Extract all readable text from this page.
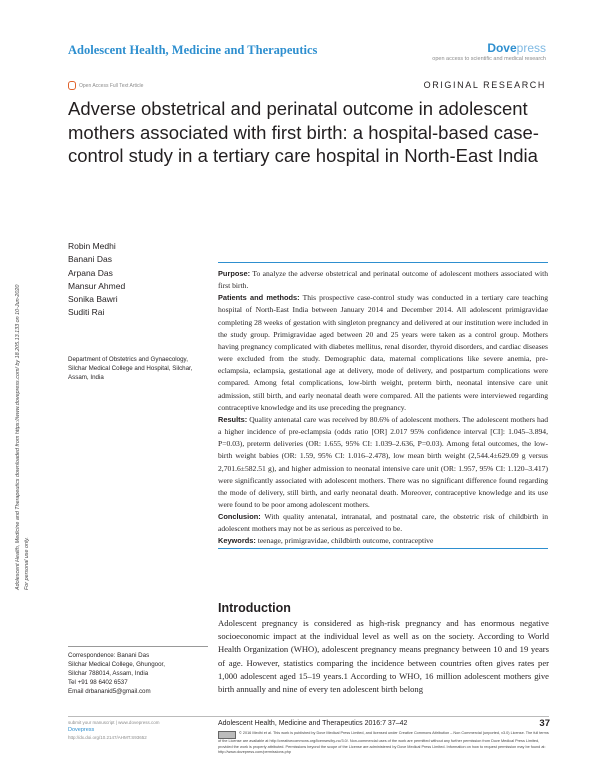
Adolescent Health, Medicine and Therapeutics	Dovepress
open access to scientific and medical research
Open Access Full Text Article	ORIGINAL RESEARCH
Adverse obstetrical and perinatal outcome in adolescent mothers associated with first birth: a hospital-based case-control study in a tertiary care hospital in North-East India
Adolescent Health, Medicine and Therapeutics downloaded from https://www.dovepress.com/ by 18.205.13.133 on 10-Jun-2020 For personal use only.
Robin Medhi
Banani Das
Arpana Das
Mansur Ahmed
Sonika Bawri
Suditi Rai
Department of Obstetrics and Gynaecology, Silchar Medical College and Hospital, Silchar, Assam, India
Correspondence: Banani Das
Silchar Medical College, Ghungoor,
Silchar 788014, Assam, India
Tel +91 98 6402 6537
Email drbananid5@gmail.com

Purpose: To analyze the adverse obstetrical and perinatal outcome of adolescent mothers associated with first birth.

Patients and methods: This prospective case-control study was conducted in a tertiary care teaching hospital of North-East India between January 2014 and December 2014. All adolescent primigravidae completing 28 weeks of gestation with singleton pregnancy and delivered at our institution were included in the study group. Primigravidae aged between 20 and 25 years were taken as a control group. Mothers having pregnancy complicated with diabetes mellitus, renal disorder, thyroid disorders, and cardiac diseases were excluded from the study. Demographic data, maternal complications like severe anemia, pre-eclampsia, eclampsia, gestational age at delivery, mode of delivery, and postpartum complications were compared. Among fetal complications, low-birth weight, preterm birth, neonatal intensive care unit admission, still birth, and early neonatal death were compared. All the patients were interviewed regarding contraceptive knowledge and its use preceding the pregnancy.

Results: Quality antenatal care was received by 80.6% of adolescent mothers. The adolescent mothers had a higher incidence of pre-eclampsia (odds ratio [OR] 2.017 95% confidence interval [CI]: 1.045–3.894, P=0.03), preterm deliveries (OR: 1.655, 95% CI: 1.039–2.636, P=0.03). Among fetal outcomes, the low- birth weight babies (OR: 1.59, 95% CI: 1.016–2.478), low mean birth weight (2,544.4±629.09 g versus 2,701.6±582.51 g), and higher admission to neonatal intensive care unit (OR: 1.957, 95% CI: 1.120–3.417) were significantly associated with adolescent mothers. There was no significant difference found regarding the mode of delivery, still birth, and early neonatal death. Moreover, contraceptive knowledge and its use were found to be poor among adolescent mothers.

Conclusion: With quality antenatal, intranatal, and postnatal care, the obstetric risk of childbirth in adolescent mothers may not be as serious as perceived to be.

Keywords: teenage, primigravidae, childbirth outcome, contraceptive

Introduction
Adolescent pregnancy is considered as high-risk pregnancy and has enormous negative socioeconomic impact at the individual level as well as on the society. According to World Health Organization (WHO), adolescent pregnancy means pregnancy between 10 and 19 years of age. However, statistics comparing the incidence between countries often gives rates per 1,000 adolescent aged 15–19 years.1 According to WHO, 16 million adolescent mothers give birth annually and nine of every ten adolescent birth belong
submit your manuscript | www.dovepress.com
Dovepress
http://dx.doi.org/10.2147/AHMT.S93652
Adolescent Health, Medicine and Therapeutics 2016:7 37–42	37
© 2016 Medhi et al. This work is published by Dove Medical Press Limited, and licensed under Creative Commons Attribution – Non Commercial (unported, v3.0) License. The full terms of the License are available at http://creativecommons.org/licenses/by-nc/3.0/. Non-commercial uses of the work are permitted without any further permission from Dove Medical Press Limited, provided the work is properly attributed. Permissions beyond the scope of the License are administered by Dove Medical Press Limited. Information on how to request permission may be found at: http://www.dovepress.com/permissions.php
